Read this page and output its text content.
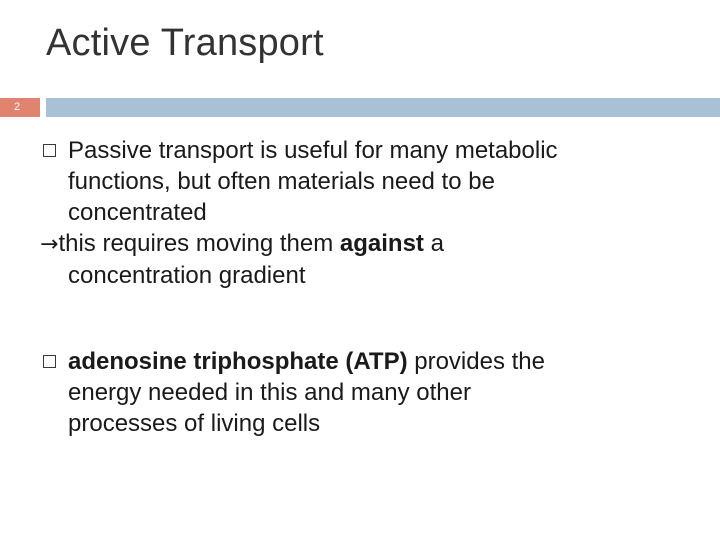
Active Transport
2
Passive transport is useful for many metabolic
functions, but often materials need to be
concentrated
→this requires moving them against a
concentration gradient
adenosine triphosphate (ATP) provides the
energy needed in this and many other
processes of living cells
